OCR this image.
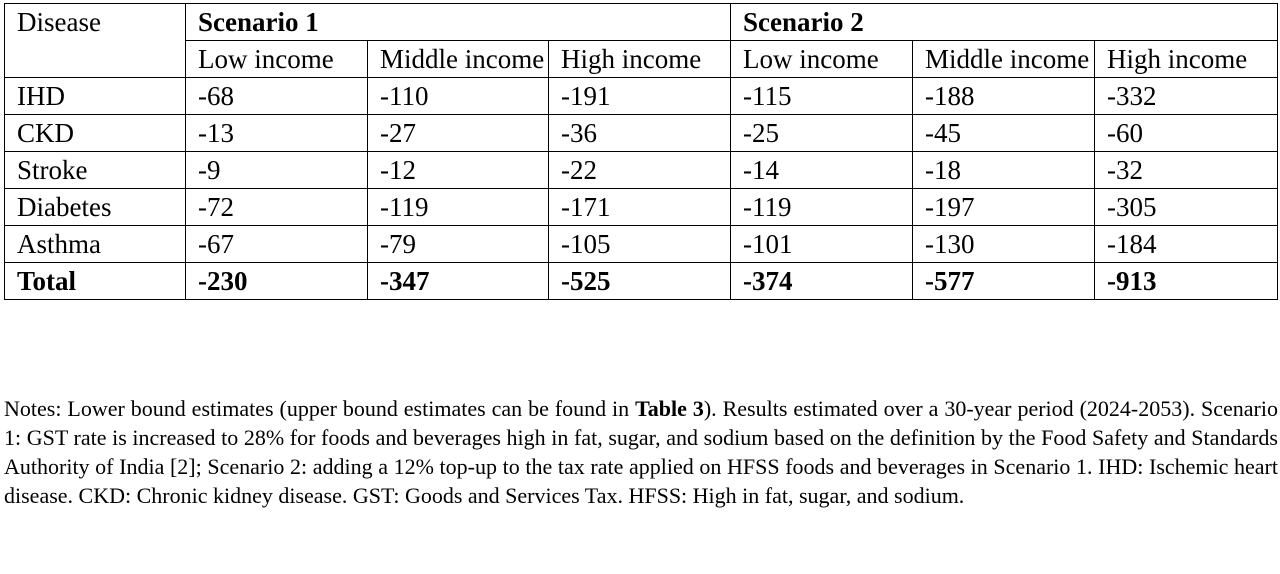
Disease	Scenario 1			Scenario 2		
	Low income	Middle income	High income	Low income	Middle income	High income
IHD	-68	-110	-191	-115	-188	-332
CKD	-13	-27	-36	-25	-45	-60
Stroke	-9	-12	-22	-14	-18	-32
Diabetes	-72	-119	-171	-119	-197	-305
Asthma	-67	-79	-105	-101	-130	-184
Total	-230	-347	-525	-374	-577	-913
Notes: Lower bound estimates (upper bound estimates can be found in Table 3). Results estimated over a 30-year period (2024-2053). Scenario 1: GST rate is increased to 28% for foods and beverages high in fat, sugar, and sodium based on the definition by the Food Safety and Standards Authority of India [2]; Scenario 2: adding a 12% top-up to the tax rate applied on HFSS foods and beverages in Scenario 1. IHD: Ischemic heart disease. CKD: Chronic kidney disease. GST: Goods and Services Tax. HFSS: High in fat, sugar, and sodium.
